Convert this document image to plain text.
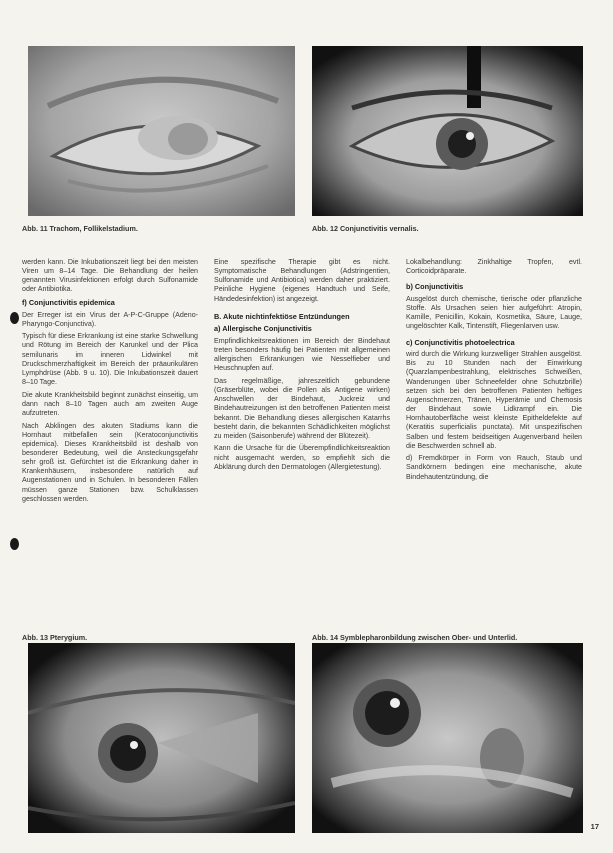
Abb. 11 Trachom, Follikelstadium.	Abb. 12 Conjunctivitis vernalis.

werden kann. Die Inkubationszeit liegt bei den meisten Viren um 8–14 Tage. Die Behandlung der heilen genannten Virusinfektionen erfolgt durch Sulfonamide oder Antibiotika.

f) Conjunctivitis epidemica

Der Erreger ist ein Virus der A-P-C-Gruppe (Adeno-Pharyngo-Conjunctiva).

Typisch für diese Erkrankung ist eine starke Schwellung und Rötung im Bereich der Karunkel und der Plica semilunaris im inneren Lidwinkel mit Druckschmerzhaftigkeit im Bereich der präaurikulären Lymphdrüse (Abb. 9 u. 10). Die Inkubationszeit dauert 8–10 Tage.

Die akute Krankheitsbild beginnt zunächst einseitig, um dann nach 8–10 Tagen auch am zweiten Auge aufzutreten.

Nach Abklingen des akuten Stadiums kann die Hornhaut mitbefallen sein (Keratoconjunctivitis epidemica). Dieses Krankheitsbild ist deshalb von besonderer Bedeutung, weil die Ansteckungsgefahr sehr groß ist. Gefürchtet ist die Erkrankung daher in Krankenhäusern, insbesondere natürlich auf Augenstationen und in Schulen. In besonderen Fällen müssen ganze Stationen bzw. Schulklassen geschlossen werden.

Eine spezifische Therapie gibt es nicht. Symptomatische Behandlungen (Adstringentien, Sulfonamide und Antibiotica) werden daher praktiziert. Peinliche Hygiene (eigenes Handtuch und Seife, Händedesinfektion) ist angezeigt.

B. Akute nichtinfektiöse Entzündungen
a) Allergische Conjunctivitis

Empfindlichkeitsreaktionen im Bereich der Bindehaut treten besonders häufig bei Patienten mit allgemeinen allergischen Erkrankungen wie Nesselfieber und Heuschnupfen auf.

Das regelmäßige, jahreszeitlich gebundene (Gräserblüte, wobei die Pollen als Antigene wirken) Anschwellen der Bindehaut, Juckreiz und Bindehautreizungen ist den betroffenen Patienten meist bekannt. Die Behandlung dieses allergischen Katarrhs besteht darin, die bekannten Schädlichkeiten möglichst zu meiden (Saisonberufe) während der Blütezeit).

Kann die Ursache für die Überempfindlichkeitsreaktion nicht ausgemacht werden, so empfiehlt sich die Abklärung durch den Dermatologen (Allergietestung).

Lokalbehandlung: Zinkhaltige Tropfen, evtl. Corticoidpräparate.

b) Conjunctivitis

Ausgelöst durch chemische, tierische oder pflanzliche Stoffe. Als Ursachen seien hier aufgeführt: Atropin, Kamille, Penicillin, Kokain, Kosmetika, Säure, Lauge, ungelöschter Kalk, Tintenstift, Fliegenlarven usw.

c) Conjunctivitis photoelectrica

wird durch die Wirkung kurzwelliger Strahlen ausgelöst. Bis zu 10 Stunden nach der Einwirkung (Quarzlampenbestrahlung, elektrisches Schweißen, Wanderungen über Schneefelder ohne Schutzbrille) setzen sich bei den betroffenen Patienten heftiges Augenschmerzen, Tränen, Hyperämie und Chemosis der Bindehaut sowie Lidkrampf ein. Die Hornhautoberfläche weist kleinste Epitheldefekte auf (Keratitis superficialis punctata). Mit unspezifischen Salben und festem beidseitigen Augenverband heilen die Beschwerden schnell ab.

d) Fremdkörper in Form von Rauch, Staub und Sandkörnern bedingen eine mechanische, akute Bindehautentzündung, die

Abb. 13 Pterygium.	Abb. 14 Symblepharonbildung zwischen Ober- und Unterlid.
17
